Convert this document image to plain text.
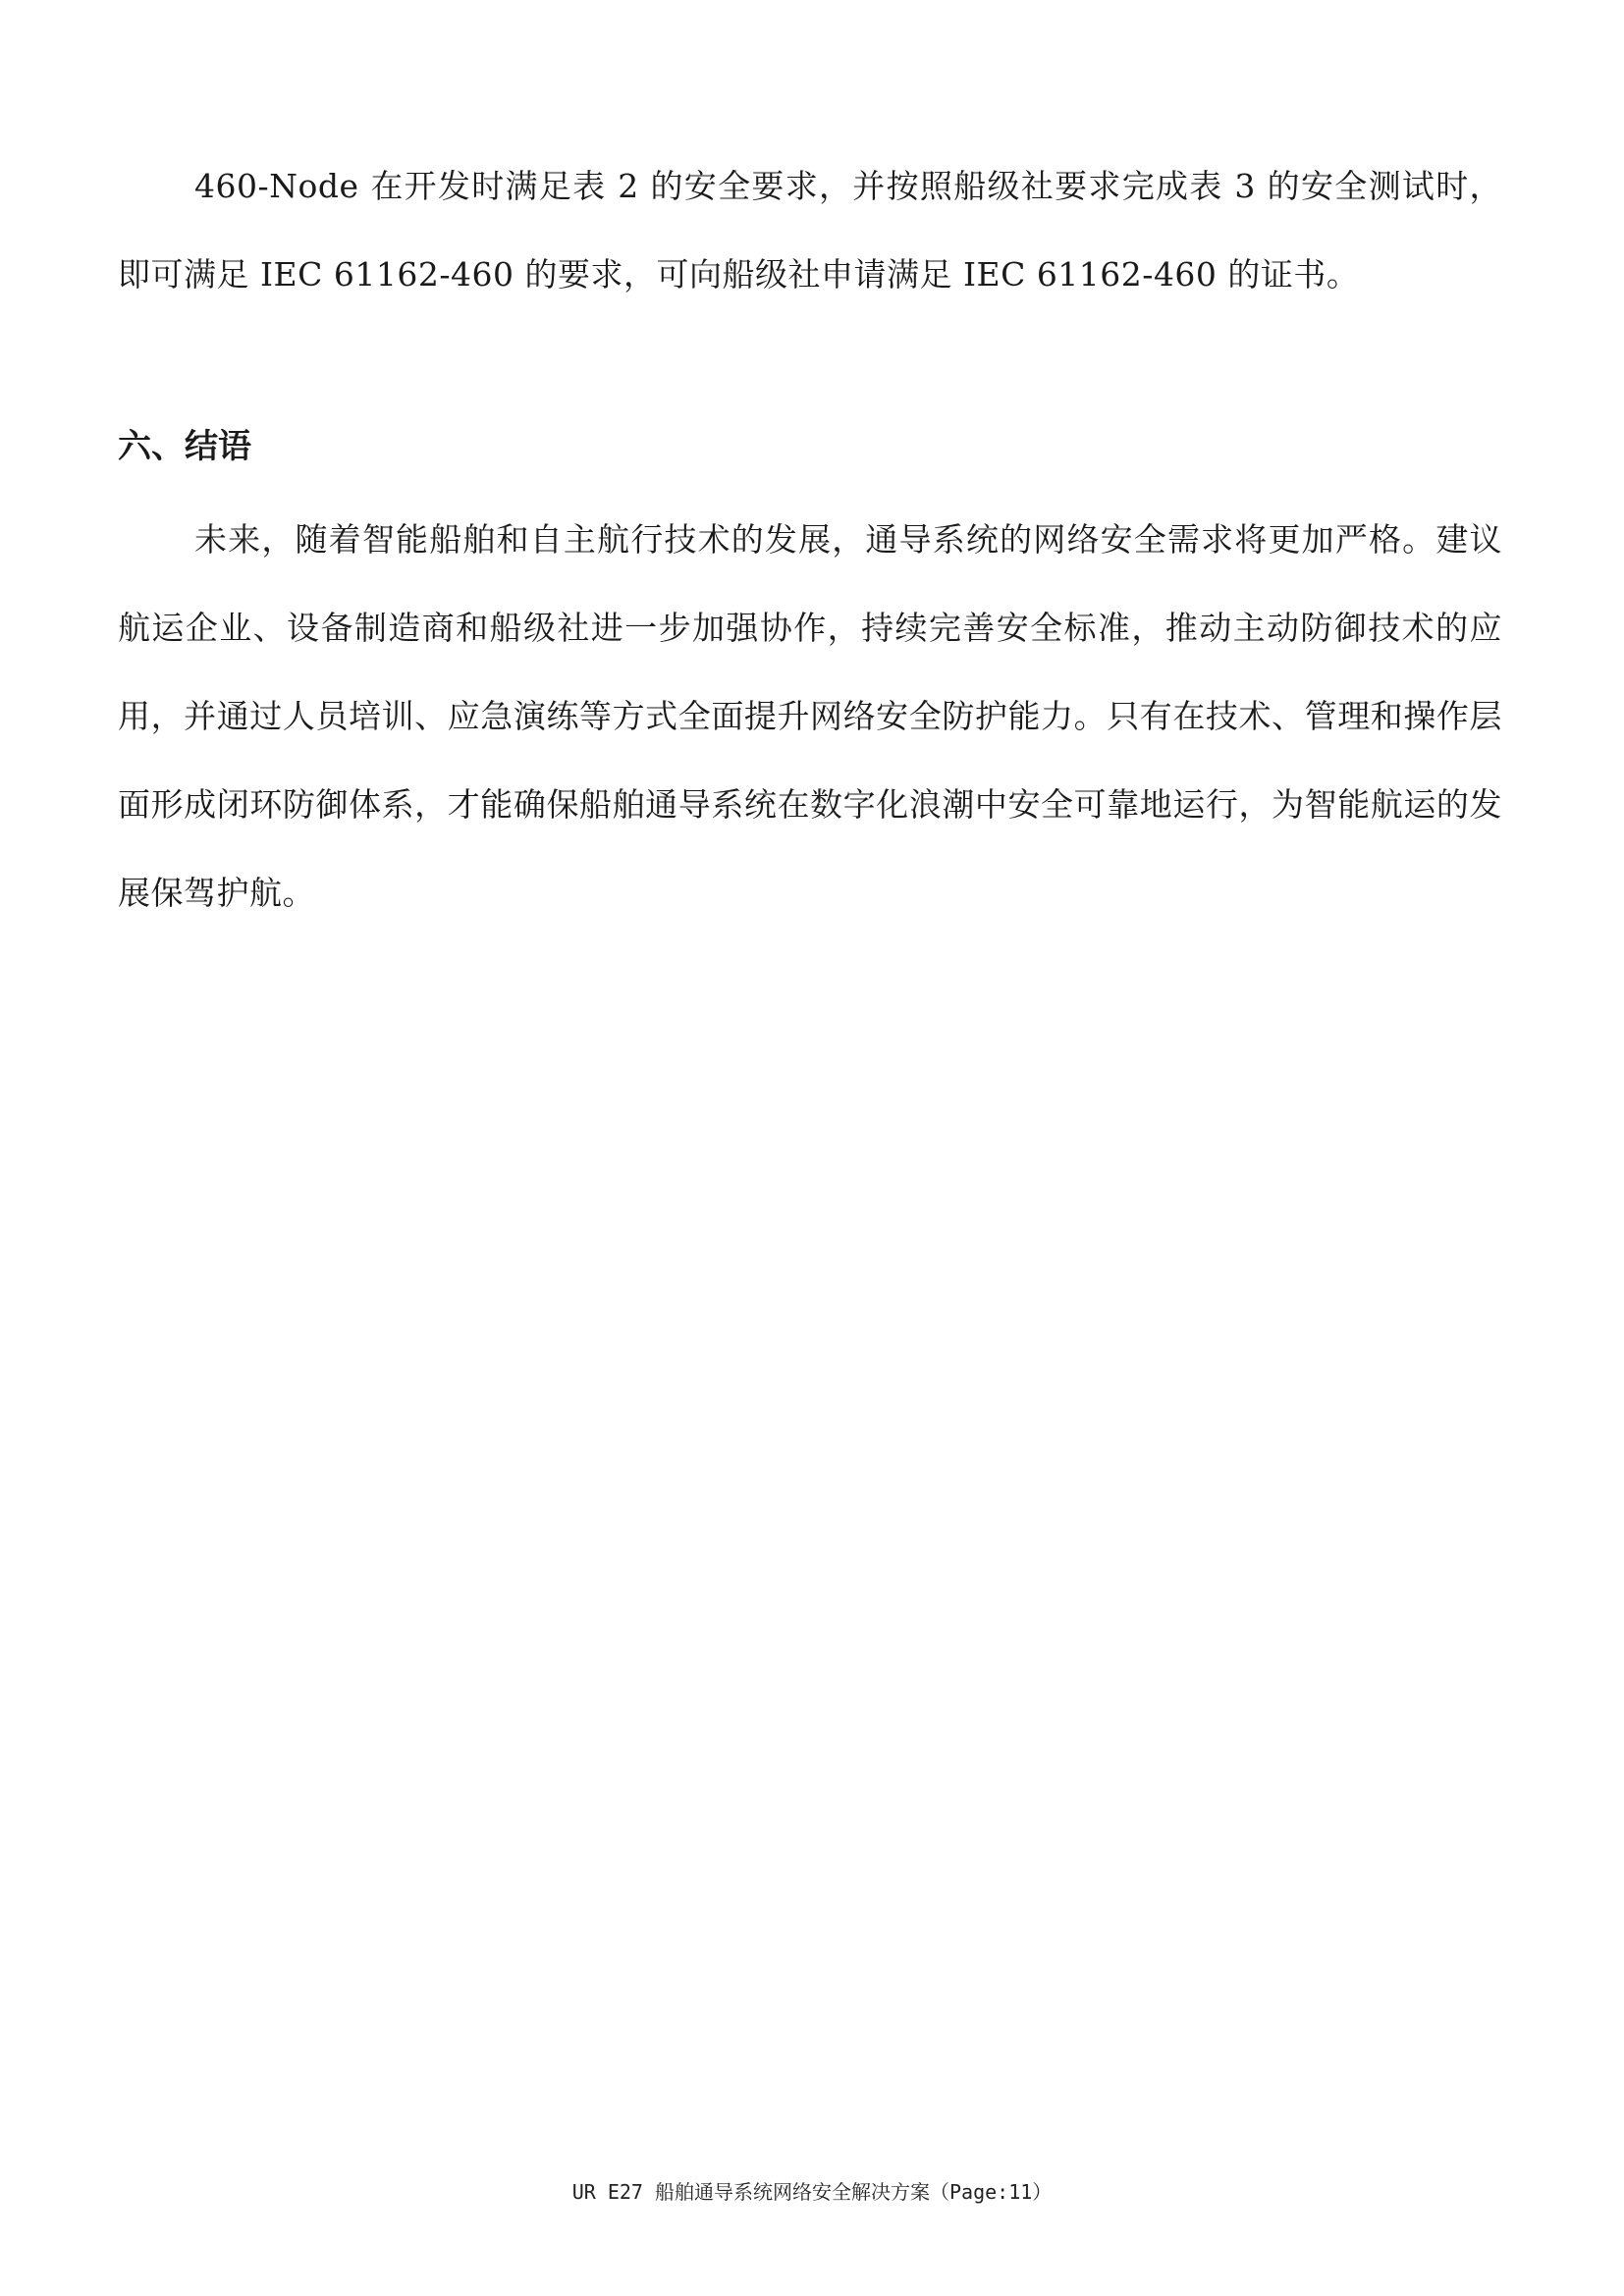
460-Node 在开发时满足表 2 的安全要求，并按照船级社要求完成表 3 的安全测试时，即可满足 IEC 61162-460 的要求，可向船级社申请满足 IEC 61162-460 的证书。

六、结语

未来，随着智能船舶和自主航行技术的发展，通导系统的网络安全需求将更加严格。建议航运企业、设备制造商和船级社进一步加强协作，持续完善安全标准，推动主动防御技术的应用，并通过人员培训、应急演练等方式全面提升网络安全防护能力。只有在技术、管理和操作层面形成闭环防御体系，才能确保船舶通导系统在数字化浪潮中安全可靠地运行，为智能航运的发展保驾护航。

UR E27 船舶通导系统网络安全解决方案（Page:11）
